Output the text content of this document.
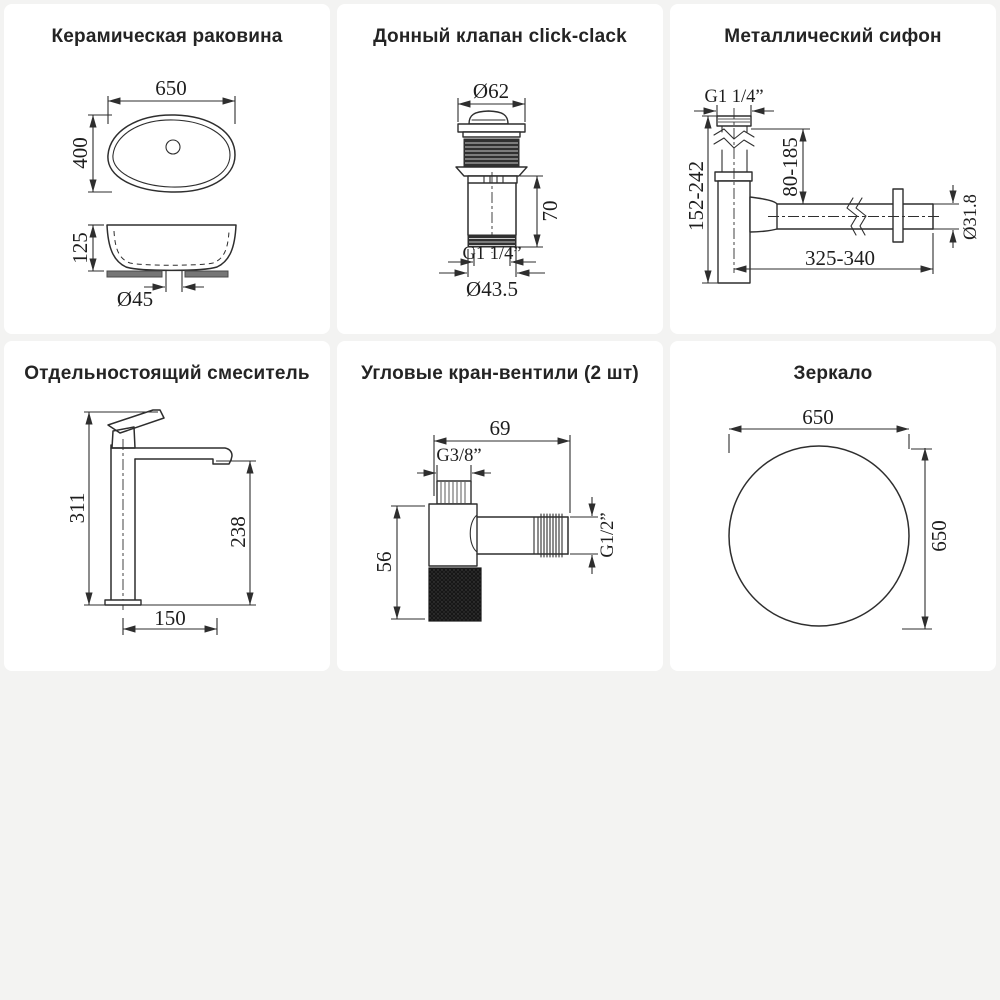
Керамическая раковина
650
400
125
Ø45
Донный клапан click-clack
Ø62
70
G1 1/4”
Ø43.5
Металлический сифон
G1 1/4”
152-242	80-185
325-340
Ø31.8
Отдельностоящий смеситель
311
238
150
Угловые кран-вентили (2 шт)
69
G3/8”
56
G1/2”
Зеркало
650
650
